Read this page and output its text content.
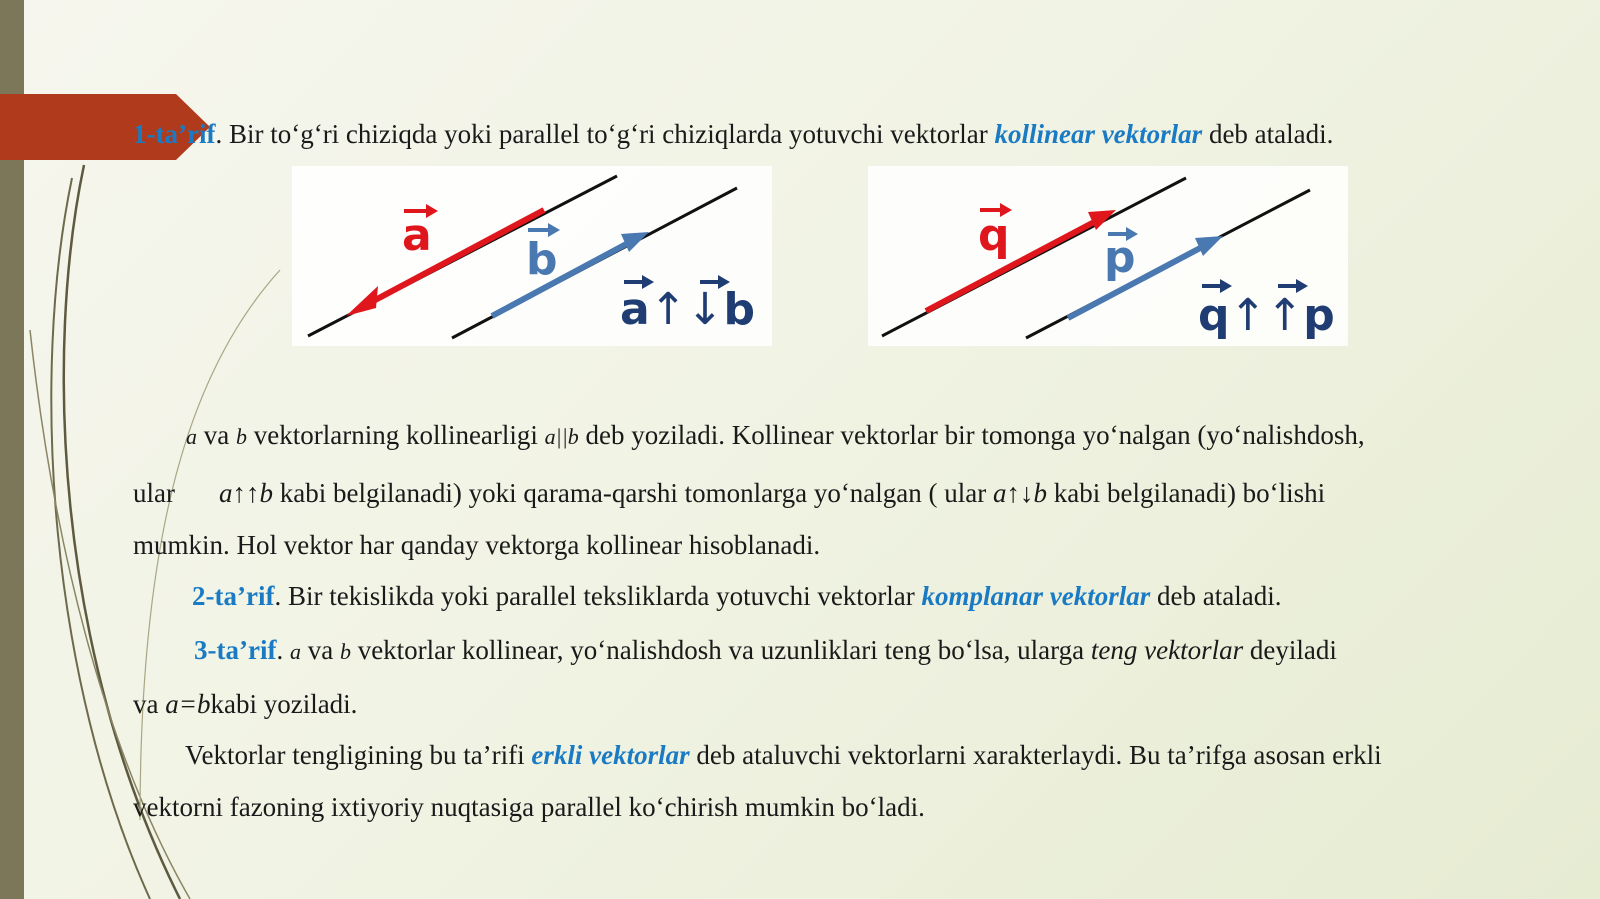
1-ta’rif. Bir to‘g‘ri chiziqda yoki parallel to‘g‘ri chiziqlarda yotuvchi vektorlar kollinear vektorlar deb ataladi.
a b
a↑↓b
q p
q↑↑p
a va b vektorlarning kollinearligi a||b deb yoziladi. Kollinear vektorlar bir tomonga yo‘nalgan (yo‘nalishdosh,
ular a↑↑b kabi belgilanadi) yoki qarama-qarshi tomonlarga yo‘nalgan ( ular a↑↓b kabi belgilanadi) bo‘lishi
mumkin. Hol vektor har qanday vektorga kollinear hisoblanadi.
2-ta’rif. Bir tekislikda yoki parallel teksliklarda yotuvchi vektorlar komplanar vektorlar deb ataladi.
3-ta’rif. a va b vektorlar kollinear, yo‘nalishdosh va uzunliklari teng bo‘lsa, ularga teng vektorlar deyiladi
va a=bkabi yoziladi.
Vektorlar tengligining bu ta’rifi erkli vektorlar deb ataluvchi vektorlarni xarakterlaydi. Bu ta’rifga asosan erkli
vektorni fazoning ixtiyoriy nuqtasiga parallel ko‘chirish mumkin bo‘ladi.
